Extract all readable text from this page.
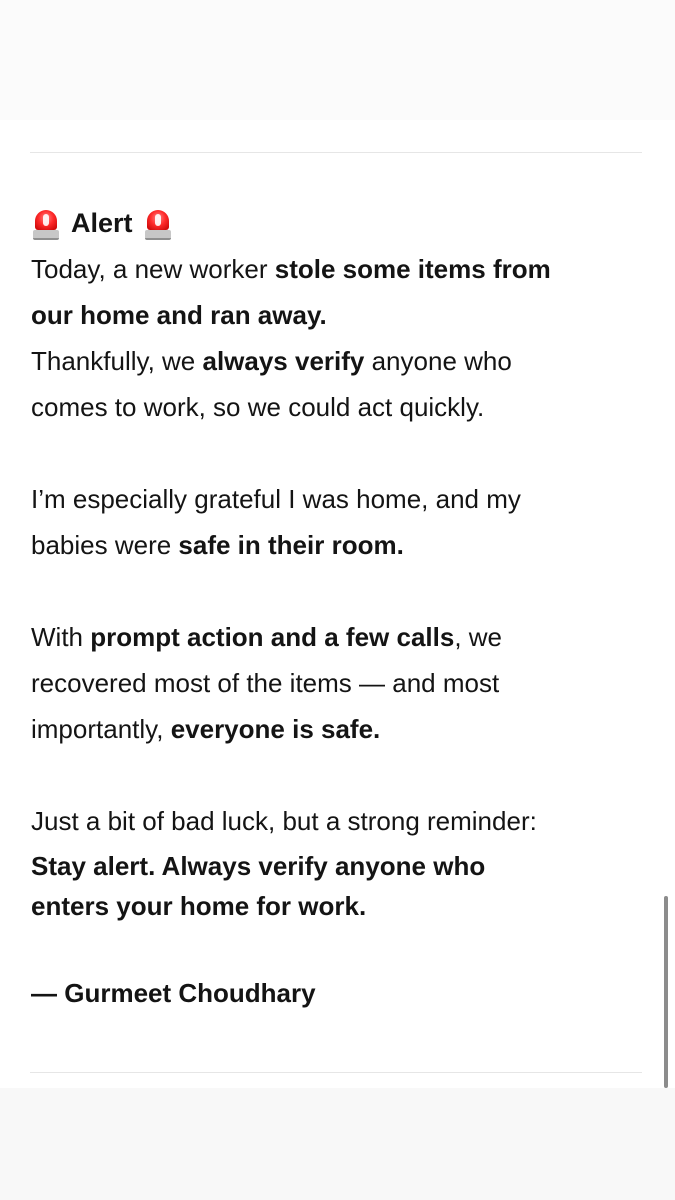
Alert

Today, a new worker stole some items from

our home and ran away.

Thankfully, we always verify anyone who

comes to work, so we could act quickly.

I’m especially grateful I was home, and my

babies were safe in their room.

With prompt action and a few calls, we

recovered most of the items — and most

importantly, everyone is safe.

Just a bit of bad luck, but a strong reminder:

Stay alert. Always verify anyone who

enters your home for work.

— Gurmeet Choudhary
